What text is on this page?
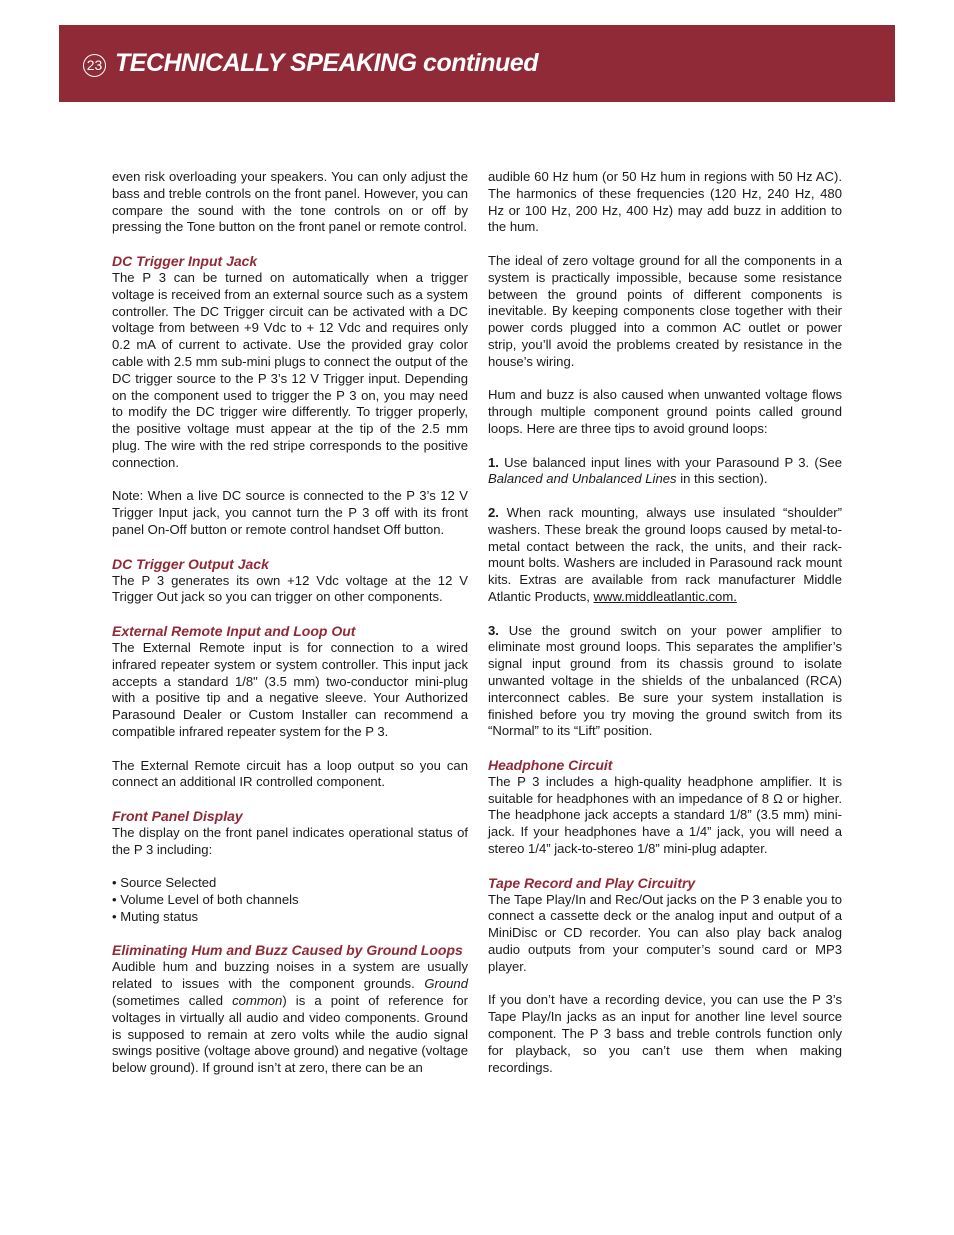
23 TECHNICALLY SPEAKING continued

even risk overloading your speakers. You can only adjust the bass and treble controls on the front panel. However, you can compare the sound with the tone controls on or off by pressing the Tone button on the front panel or remote control.

DC Trigger Input Jack

The P 3 can be turned on automatically when a trigger voltage is received from an external source such as a system controller. The DC Trigger circuit can be activated with a DC voltage from between +9 Vdc to + 12 Vdc and requires only 0.2 mA of current to activate. Use the provided gray color cable with 2.5 mm sub-mini plugs to connect the output of the DC trigger source to the P 3’s 12 V Trigger input. Depending on the component used to trigger the P 3 on, you may need to modify the DC trigger wire differently. To trigger properly, the positive voltage must appear at the tip of the 2.5 mm plug. The wire with the red stripe corresponds to the positive connection.

Note: When a live DC source is connected to the P 3’s 12 V Trigger Input jack, you cannot turn the P 3 off with its front panel On-Off button or remote control handset Off button.

DC Trigger Output Jack

The P 3 generates its own +12 Vdc voltage at the 12 V Trigger Out jack so you can trigger on other components.

External Remote Input and Loop Out

The External Remote input is for connection to a wired infrared repeater system or system controller. This input jack accepts a standard 1/8" (3.5 mm) two-conductor mini-plug with a positive tip and a negative sleeve. Your Authorized Parasound Dealer or Custom Installer can recommend a compatible infrared repeater system for the P 3.

The External Remote circuit has a loop output so you can connect an additional IR controlled component.

Front Panel Display

The display on the front panel indicates operational status of the P 3 including:

• Source Selected
• Volume Level of both channels
• Muting status
Eliminating Hum and Buzz Caused by Ground Loops

Audible hum and buzzing noises in a system are usually related to issues with the component grounds. Ground (sometimes called common) is a point of reference for voltages in virtually all audio and video components. Ground is supposed to remain at zero volts while the audio signal swings positive (voltage above ground) and negative (voltage below ground). If ground isn’t at zero, there can be an

audible 60 Hz hum (or 50 Hz hum in regions with 50 Hz AC). The harmonics of these frequencies (120 Hz, 240 Hz, 480 Hz or 100 Hz, 200 Hz, 400 Hz) may add buzz in addition to the hum.

The ideal of zero voltage ground for all the components in a system is practically impossible, because some resistance between the ground points of different components is inevitable. By keeping components close together with their power cords plugged into a common AC outlet or power strip, you’ll avoid the problems created by resistance in the house’s wiring.

Hum and buzz is also caused when unwanted voltage flows through multiple component ground points called ground loops. Here are three tips to avoid ground loops:

1. Use balanced input lines with your Parasound P 3. (See Balanced and Unbalanced Lines in this section).

2. When rack mounting, always use insulated “shoulder” washers. These break the ground loops caused by metal-to-metal contact between the rack, the units, and their rack-mount bolts. Washers are included in Parasound rack mount kits. Extras are available from rack manufacturer Middle Atlantic Products, www.middleatlantic.com.

3. Use the ground switch on your power amplifier to eliminate most ground loops. This separates the amplifier’s signal input ground from its chassis ground to isolate unwanted voltage in the shields of the unbalanced (RCA) interconnect cables. Be sure your system installation is finished before you try moving the ground switch from its “Normal” to its “Lift” position.

Headphone Circuit

The P 3 includes a high-quality headphone amplifier. It is suitable for headphones with an impedance of 8 Ω or higher. The headphone jack accepts a standard 1/8” (3.5 mm) mini-jack. If your headphones have a 1/4” jack, you will need a stereo 1/4” jack-to-stereo 1/8” mini-plug adapter.

Tape Record and Play Circuitry

The Tape Play/In and Rec/Out jacks on the P 3 enable you to connect a cassette deck or the analog input and output of a MiniDisc or CD recorder. You can also play back analog audio outputs from your computer’s sound card or MP3 player.

If you don’t have a recording device, you can use the P 3’s Tape Play/In jacks as an input for another line level source component. The P 3 bass and treble controls function only for playback, so you can’t use them when making recordings.
